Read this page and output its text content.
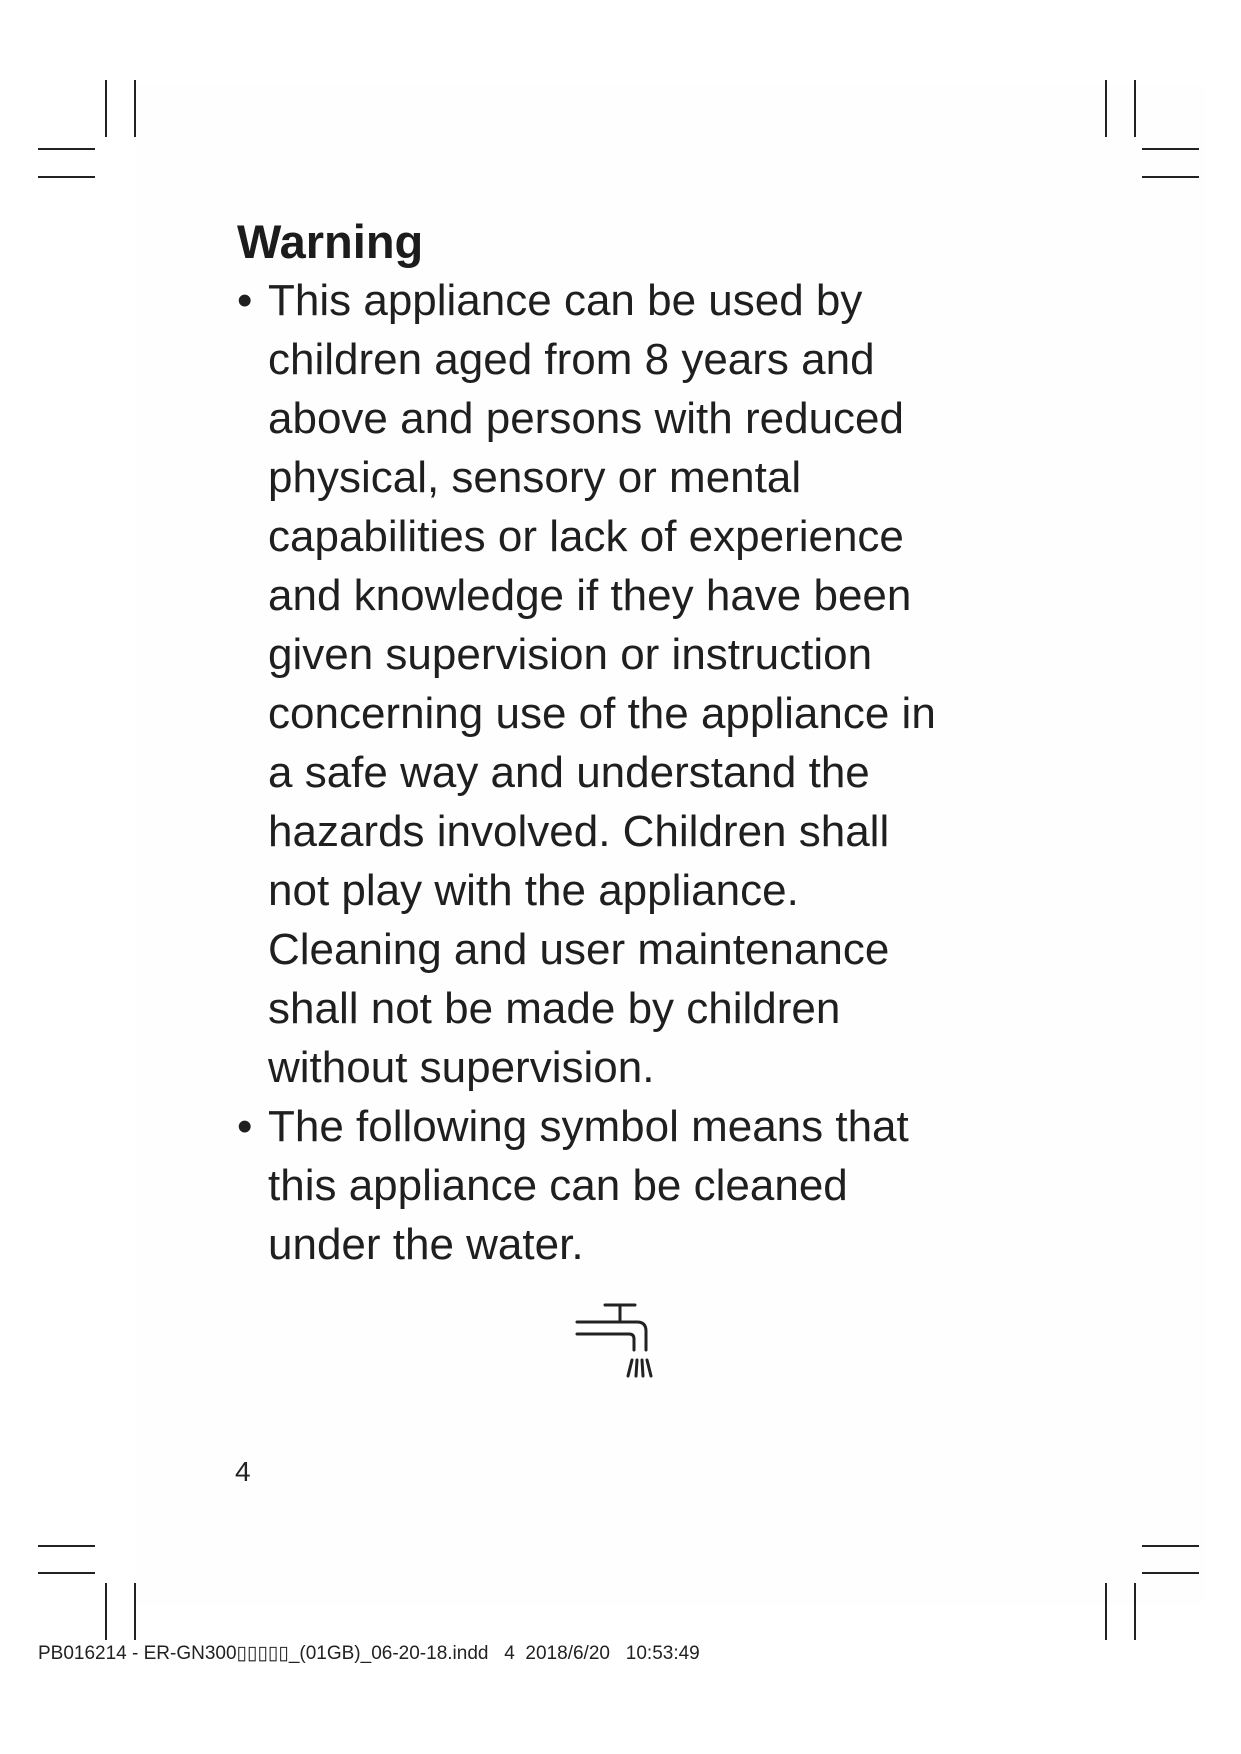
Warning
• This appliance can be used by
children aged from 8 years and
above and persons with reduced
physical, sensory or mental
capabilities or lack of experience
and knowledge if they have been
given supervision or instruction
concerning use of the appliance in
a safe way and understand the
hazards involved. Children shall
not play with the appliance.
Cleaning and user maintenance
shall not be made by children
without supervision.
• The following symbol means that
this appliance can be cleaned
under the water.
4
PB016214 - ER-GN300▯▯▯▯▯_(01GB)_06-20-18.indd   4  2018/6/20   10:53:49
